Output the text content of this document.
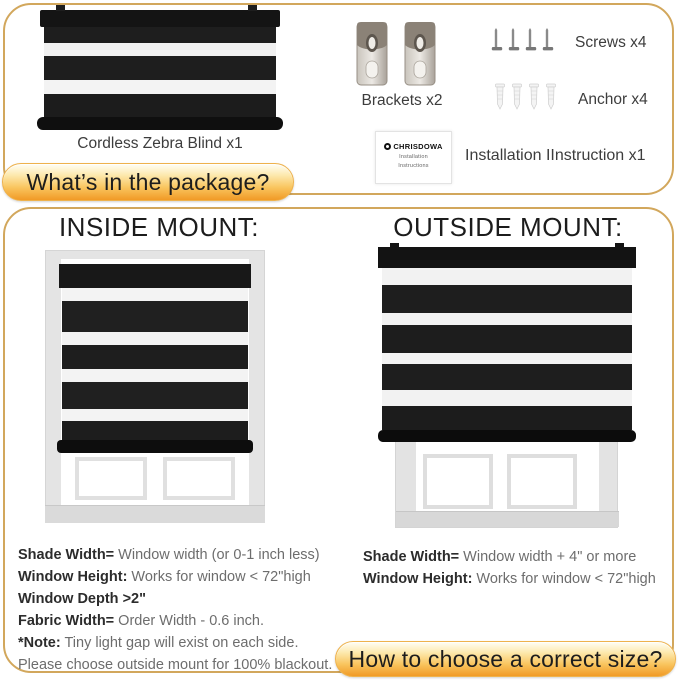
Cordless Zebra Blind x1
Brackets x2
Screws x4
Anchor x4
CHRISDOWA
Installation
Instructions
Installation IInstruction x1
What’s in the package?
INSIDE MOUNT:	OUTSIDE MOUNT:
Shade Width= Window width (or 0-1 inch less)
Window Height: Works for window < 72"high
Window Depth >2"
Fabric Width= Order Width - 0.6 inch.
*Note: Tiny light gap will exist on each side.
Please choose outside mount for 100% blackout.
Shade Width= Window width + 4" or more
Window Height: Works for window < 72"high
How to choose a correct size?
